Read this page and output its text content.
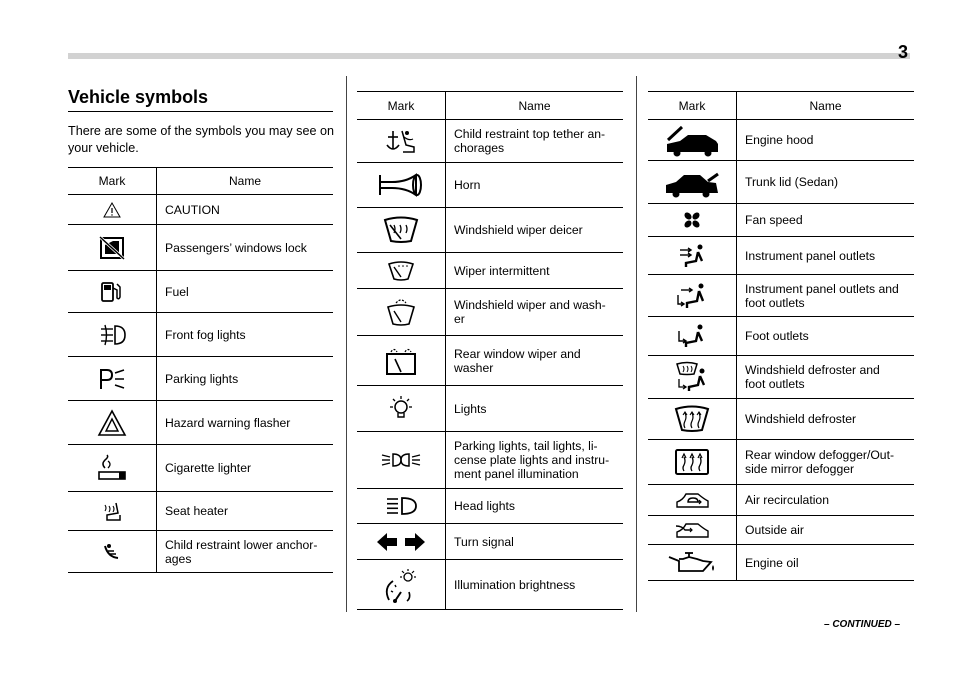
3
Vehicle symbols
There are some of the symbols you may see on your vehicle.
Mark	Name

	CAUTION

	Passengers’ windows lock

	Fuel

	Front fog lights

	Parking lights

	Hazard warning flasher

	Cigarette lighter

	Seat heater

	Child restraint lower anchor-
ages
Mark	Name

	Child restraint top tether an-
chorages

	Horn

	Windshield wiper deicer

	Wiper intermittent

	Windshield wiper and wash-
er

	Rear window wiper and
washer

	Lights

	Parking lights, tail lights, li-
cense plate lights and instru-
ment panel illumination

	Head lights

	Turn signal

	Illumination brightness
Mark	Name

	Engine hood

	Trunk lid (Sedan)

	Fan speed

	Instrument panel outlets

	Instrument panel outlets and
foot outlets

	Foot outlets

	Windshield defroster and
foot outlets

	Windshield defroster

	Rear window defogger/Out-
side mirror defogger

	Air recirculation

	Outside air

	Engine oil
– CONTINUED –
